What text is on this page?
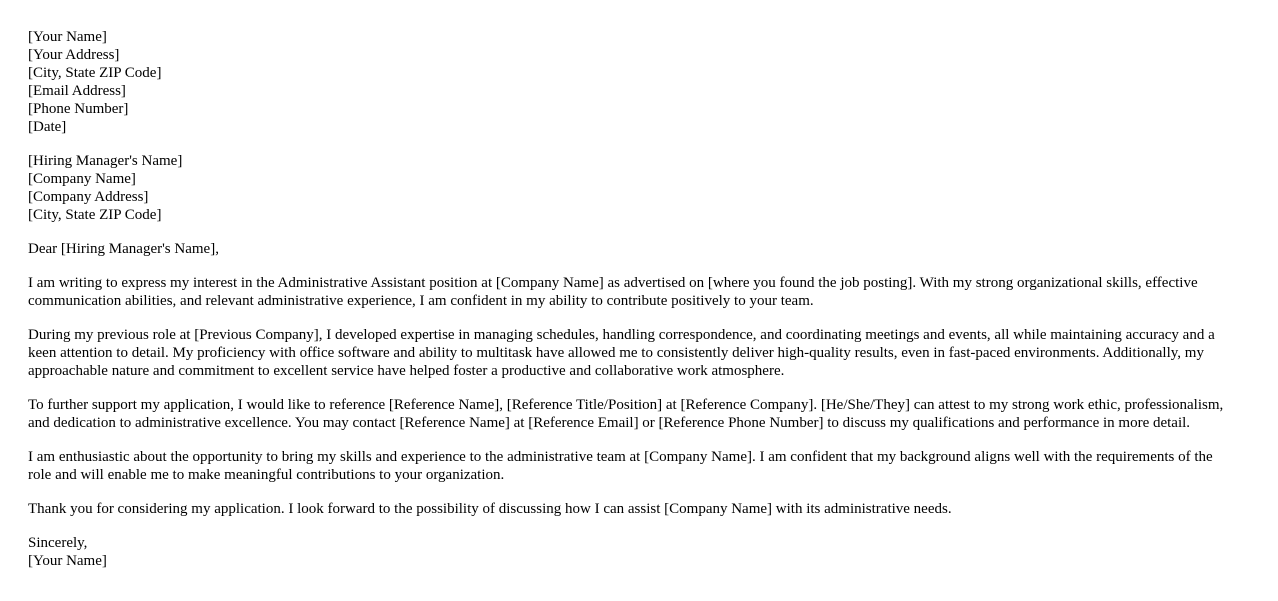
[Your Name]
[Your Address]
[City, State ZIP Code]
[Email Address]
[Phone Number]
[Date]
[Hiring Manager's Name]
[Company Name]
[Company Address]
[City, State ZIP Code]

Dear [Hiring Manager's Name],

I am writing to express my interest in the Administrative Assistant position at [Company Name] as advertised on [where you found the job posting]. With my strong organizational skills, effective communication abilities, and relevant administrative experience, I am confident in my ability to contribute positively to your team.

During my previous role at [Previous Company], I developed expertise in managing schedules, handling correspondence, and coordinating meetings and events, all while maintaining accuracy and a keen attention to detail. My proficiency with office software and ability to multitask have allowed me to consistently deliver high-quality results, even in fast-paced environments. Additionally, my approachable nature and commitment to excellent service have helped foster a productive and collaborative work atmosphere.

To further support my application, I would like to reference [Reference Name], [Reference Title/Position] at [Reference Company]. [He/She/They] can attest to my strong work ethic, professionalism, and dedication to administrative excellence. You may contact [Reference Name] at [Reference Email] or [Reference Phone Number] to discuss my qualifications and performance in more detail.

I am enthusiastic about the opportunity to bring my skills and experience to the administrative team at [Company Name]. I am confident that my background aligns well with the requirements of the role and will enable me to make meaningful contributions to your organization.

Thank you for considering my application. I look forward to the possibility of discussing how I can assist [Company Name] with its administrative needs.

Sincerely,
[Your Name]
